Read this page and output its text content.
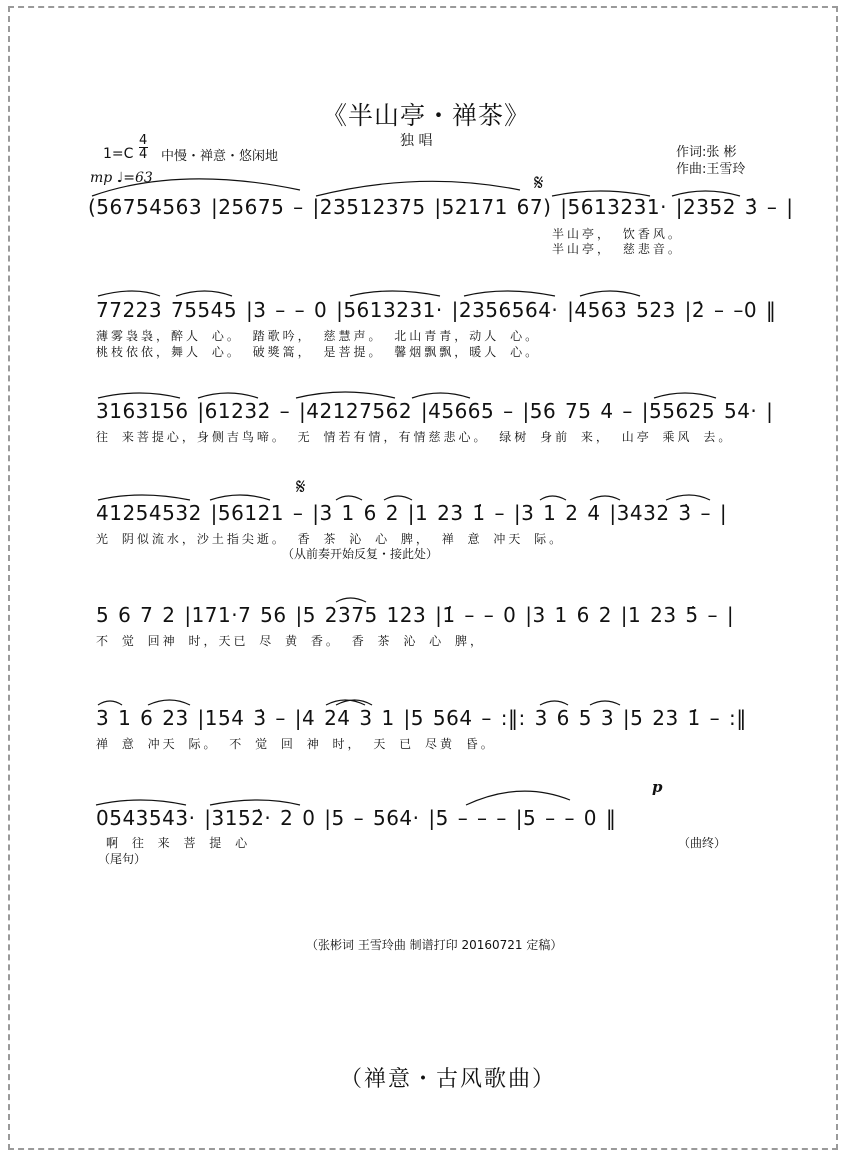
《半山亭・禅茶》
独 唱
1=C
4
4 中慢・禅意・悠闲地
mp ♩=63
作词:张 彬
作曲:王雪玲
𝄋
𝄋
(56754563 |25675 – |23512375 |52171 67) |5613231· |2352 3̇ – |
半山亭， 饮香风。
半山亭， 慈悲音。
77223 75545 |3 – – 0 |5613231· |2356564· |4563 523 |2̇ – –0 ‖
薄雾袅袅，醉人 心。 踏歌吟， 慈慧声。 北山青青，动人 心。
桃枝依依，舞人 心。 破獎篙， 是菩提。 馨烟飘飘，暖人 心。
3163156 |61232̇ – |42127562 |45665 – |56 75 4 – |55625 54· |
往 来菩提心，身侧吉鸟啼。 无 情若有情，有情慈悲心。 绿树 身前 来， 山亭 乘风 去。
41254532 |56121 – |3 1 6 2 |1 23 1̇ – |3 1 2 4 |3432 3̇ – |
光 阴似流水，沙土指尖逝。 香 茶 沁 心 脾， 禅 意 冲天 际。
（从前奏开始反复・接此处）
5 6 7 2 |171·7 56 |5 2375 123 |1̇ – – 0 |3 1 6 2 |1 23 5̇ – |
不 觉 回神 时，天已 尽 黄 香。 香 茶 沁 心 脾，
3 1 6 23 |154 3̇ – |4 24 3 1 |5 564 – :‖: 3 6 5 3 |5 23 1̇ – :‖
禅 意 冲天 际。 不 觉 回 神 时， 天 已 尽黄 昏。
p
0543543· |3152̇· 2 0 |5 – 564· |5 – – – |5 – – 0 ‖
啊 往 来 菩 提 心
（尾句）
（曲终）
（张彬词 王雪玲曲 制谱打印 20160721 定稿）
（禅意・古风歌曲）
